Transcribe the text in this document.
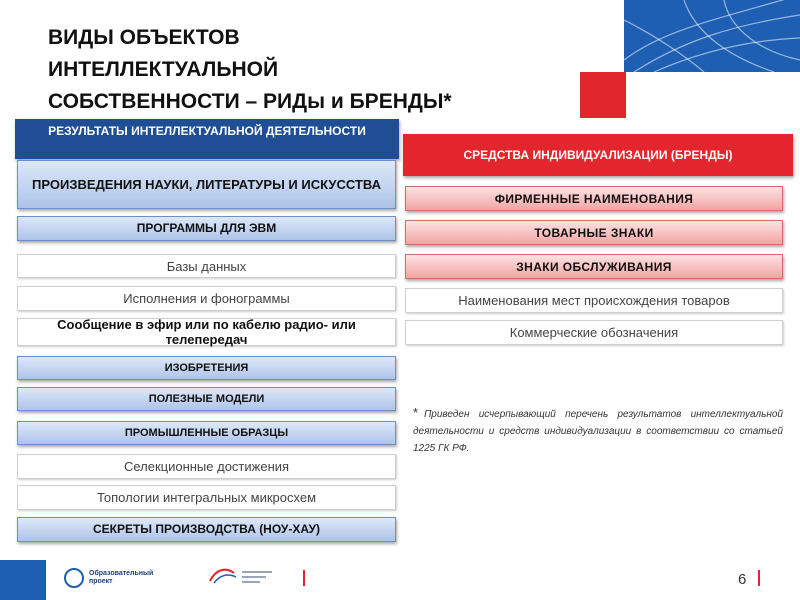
ВИДЫ ОБЪЕКТОВ
ИНТЕЛЛЕКТУАЛЬНОЙ
СОБСТВЕННОСТИ – РИДы и БРЕНДЫ*
РЕЗУЛЬТАТЫ ИНТЕЛЛЕКТУАЛЬНОЙ ДЕЯТЕЛЬНОСТИ
ПРОИЗВЕДЕНИЯ НАУКИ, ЛИТЕРАТУРЫ И ИСКУССТВА
ПРОГРАММЫ ДЛЯ ЭВМ
Базы данных
Исполнения и фонограммы
Сообщение в эфир или по кабелю радио- или телепередач
ИЗОБРЕТЕНИЯ
ПОЛЕЗНЫЕ МОДЕЛИ
ПРОМЫШЛЕННЫЕ ОБРАЗЦЫ
Селекционные достижения
Топологии интегральных микросхем
СЕКРЕТЫ ПРОИЗВОДСТВА (НОУ-ХАУ)
СРЕДСТВА ИНДИВИДУАЛИЗАЦИИ (БРЕНДЫ)
ФИРМЕННЫЕ НАИМЕНОВАНИЯ
ТОВАРНЫЕ ЗНАКИ
ЗНАКИ ОБСЛУЖИВАНИЯ
Наименования мест происхождения товаров
Коммерческие обозначения
* Приведен исчерпывающий перечень результатов интеллектуальной деятельности и средств индивидуализации в соответствии со статьей 1225 ГК РФ.
Образовательный
проект	6
